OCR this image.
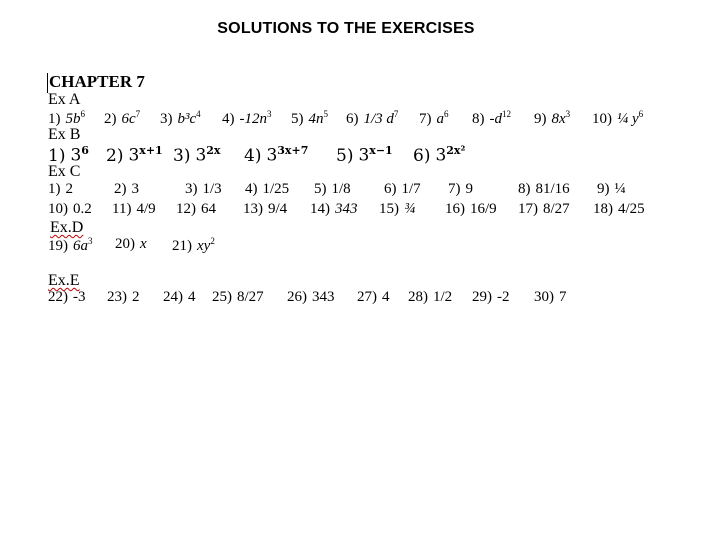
SOLUTIONS TO THE EXERCISES
CHAPTER 7
Ex A
1) $5b^6$ 2) $6c^7$ 3) $b^3c^4$ 4) $-12n^3$ 5) $4n^5$ 6) 1/3 $d^7$ 7) $a^6$ 8) $-d^{12}$ 9) $8x^3$ 10) ¼ $y^6$
Ex B
1) $3^6$ 2) $3^{x+1}$ 3) $3^{2x}$ 4) $3^{3x+7}$ 5) $3^{x-1}$ 6) $3^{2x^2}$
Ex C
1) 2	2) 3	3) 1/3 4) 1/25 5) 1/8 6) 1/7 7) 9	8) 81/16 9) ¼
10) 0.2 11) 4/9 12) 64 13) 9/4 14) 343 15) ¾ 16) 16/9 17) 8/27 18) 4/25
Ex.D
19) $6a^3$ 20) x 21) $xy^2$
Ex.E
22) -3 23) 2 24) 4 25) 8/27 26) 343 27) 4 28) 1/2 29) -2 30) 7
